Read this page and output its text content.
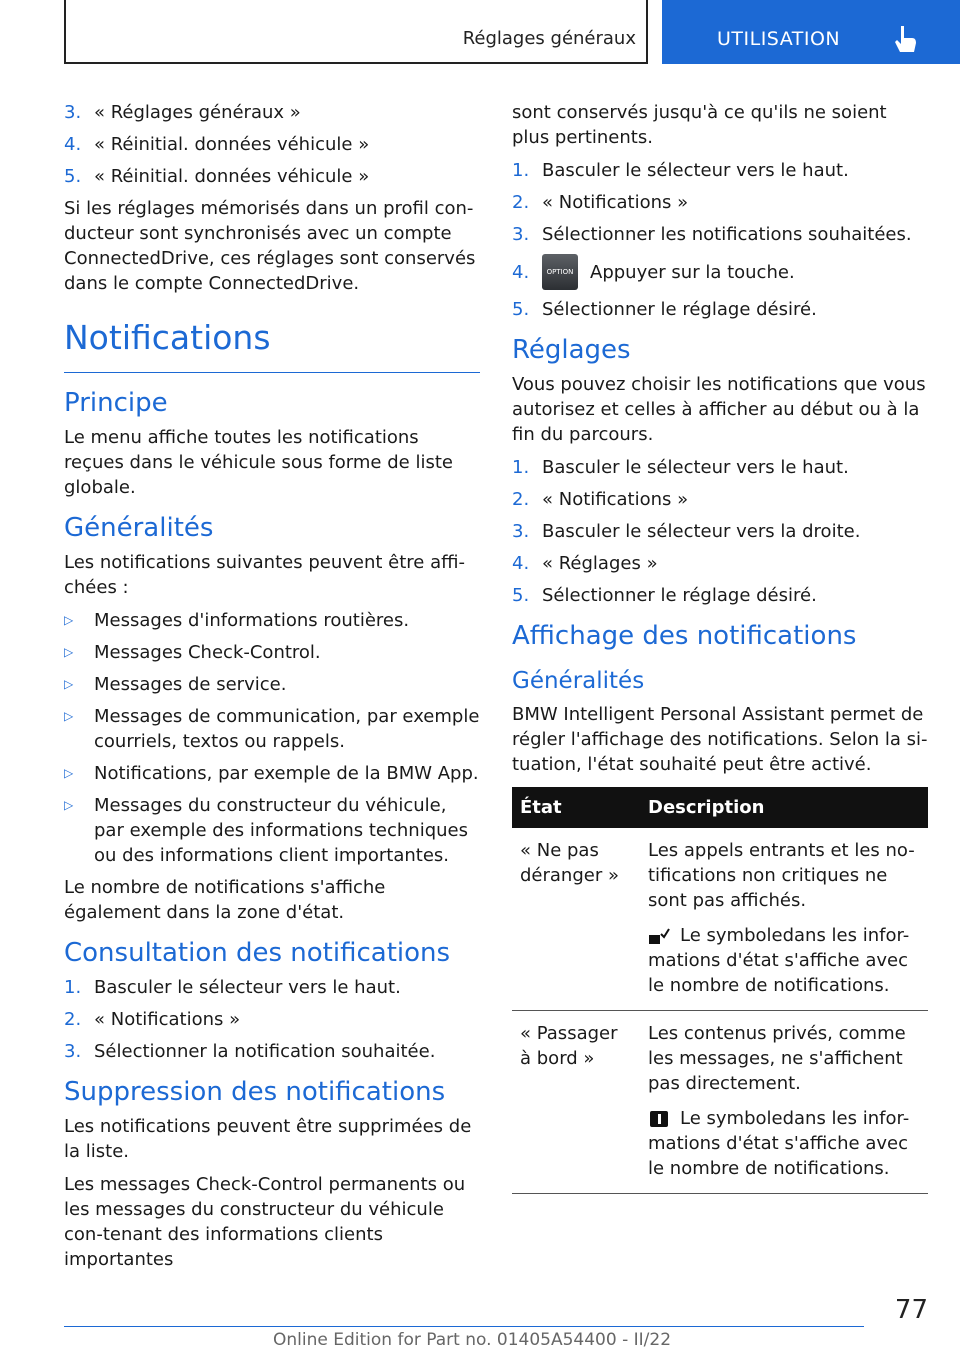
Réglages généraux	UTILISATION
3. « Réglages généraux »
4. « Réinitial. données véhicule »
5. « Réinitial. données véhicule »

Si les réglages mémorisés dans un profil con-ducteur sont synchronisés avec un compte ConnectedDrive, ces réglages sont conservés dans le compte ConnectedDrive.

Notifications
Principe

Le menu affiche toutes les notifications reçues dans le véhicule sous forme de liste globale.

Généralités

Les notifications suivantes peuvent être affi-chées :

▷	Messages d'informations routières.
▷	Messages Check-Control.
▷	Messages de service.
▷	Messages de communication, par exemple courriels, textos ou rappels.
▷	Notifications, par exemple de la BMW App.
▷	Messages du constructeur du véhicule, par exemple des informations techniques ou des informations client importantes.

Le nombre de notifications s'affiche également dans la zone d'état.

Consultation des notifications
1. Basculer le sélecteur vers le haut.
2. « Notifications »
3. Sélectionner la notification souhaitée.
Suppression des notifications

Les notifications peuvent être supprimées de la liste.

Les messages Check-Control permanents ou les messages du constructeur du véhicule con-tenant des informations clients importantes

sont conservés jusqu'à ce qu'ils ne soient plus pertinents.

1. Basculer le sélecteur vers le haut.
2. « Notifications »
3. Sélectionner les notifications souhaitées.
4.	OPTION Appuyer sur la touche.
5. Sélectionner le réglage désiré.
Réglages

Vous pouvez choisir les notifications que vous autorisez et celles à afficher au début ou à la fin du parcours.

1. Basculer le sélecteur vers le haut.
2. « Notifications »
3. Basculer le sélecteur vers la droite.
4. « Réglages »
5. Sélectionner le réglage désiré.
Affichage des notifications
Généralités

BMW Intelligent Personal Assistant permet de régler l'affichage des notifications. Selon la si-tuation, l'état souhaité peut être activé.

État	Description
« Ne pas déranger »	Les appels entrants et les no-tifications non critiques ne sont pas affichés.
Le symboledans les infor-mations d'état s'affiche avec le nombre de notifications.

« Passager à bord »	Les contenus privés, comme les messages, ne s'affichent pas directement.
Le symboledans les infor-mations d'état s'affiche avec le nombre de notifications.
77
Online Edition for Part no. 01405A54400 - II/22
